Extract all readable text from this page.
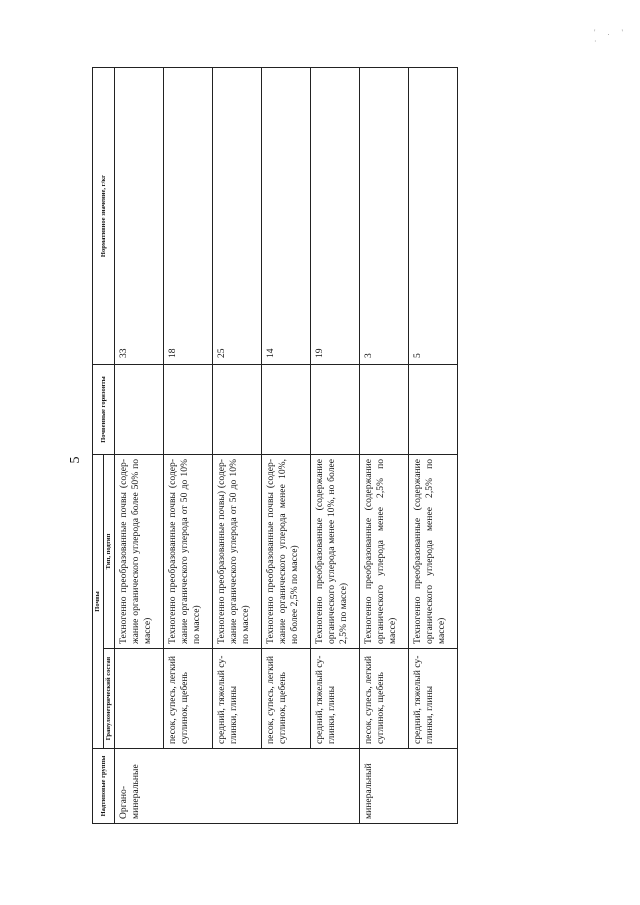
' . ' ·
5
Надтиповые группы	Почвы		Почвенные горизонты	Нормативное значение, г/кг
	Гранулометрический состав	Тип, подтип		
Органо-минеральные		Техногенно преобразованные почвы (содер-жание органического углерода более 50% по массе)		33
	песок, супесь, легкий суглинок, щебень	Техногенно преобразованные почвы (содер-жание органического углерода от 50 до 10% по массе)		18
	средний, тяжелый су-глинки, глины	Техногенно преобразованные почвы) (содер-жание органического углерода от 50 до 10% по массе)		25
	песок, супесь, легкий суглинок, щебень	Техногенно преобразованные почвы (содер-жание органического углерода менее 10%, но более 2,5% по массе)		14
	средний, тяжелый су-глинки, глины	Техногенно преобразованные (содержание органического углерода менее 10%, но более 2,5% по массе)		19
минеральный	песок, супесь, легкий суглинок, щебень	Техногенно преобразованные (содержание органического углерода менее 2,5% по массе)		3
	средний, тяжелый су-глинки, глины	Техногенно преобразованные (содержание органического углерода менее 2,5% по массе)		5
